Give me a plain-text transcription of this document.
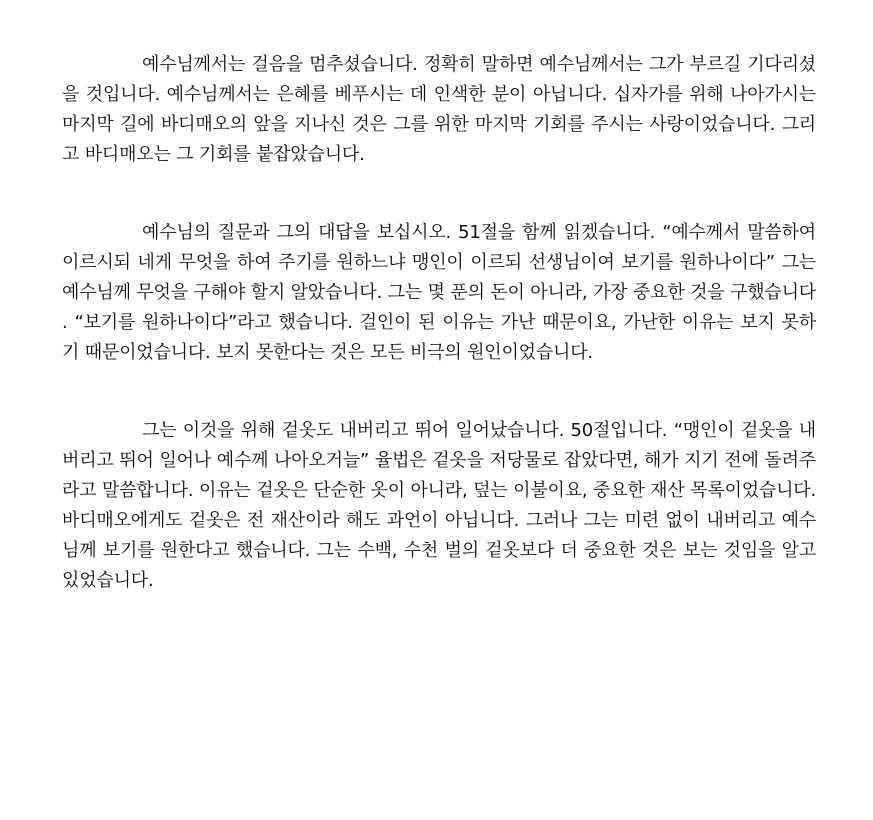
예수님께서는 걸음을 멈추셨습니다. 정확히 말하면 예수님께서는 그가 부르길 기다리셨을 것입니다. 예수님께서는 은혜를 베푸시는 데 인색한 분이 아닙니다. 십자가를 위해 나아가시는 마지막 길에 바디매오의 앞을 지나신 것은 그를 위한 마지막 기회를 주시는 사랑이었습니다. 그리고 바디매오는 그 기회를 붙잡았습니다.

예수님의 질문과 그의 대답을 보십시오. 51절을 함께 읽겠습니다. “예수께서 말씀하여 이르시되 네게 무엇을 하여 주기를 원하느냐 맹인이 이르되 선생님이여 보기를 원하나이다” 그는 예수님께 무엇을 구해야 할지 알았습니다. 그는 몇 푼의 돈이 아니라, 가장 중요한 것을 구했습니다. “보기를 원하나이다”라고 했습니다. 걸인이 된 이유는 가난 때문이요, 가난한 이유는 보지 못하기 때문이었습니다. 보지 못한다는 것은 모든 비극의 원인이었습니다.

그는 이것을 위해 겉옷도 내버리고 뛰어 일어났습니다. 50절입니다. “맹인이 겉옷을 내버리고 뛰어 일어나 예수께 나아오거늘” 율법은 겉옷을 저당물로 잡았다면, 해가 지기 전에 돌려주라고 말씀합니다. 이유는 겉옷은 단순한 옷이 아니라, 덮는 이불이요, 중요한 재산 목록이었습니다. 바디매오에게도 겉옷은 전 재산이라 해도 과언이 아닙니다. 그러나 그는 미련 없이 내버리고 예수님께 보기를 원한다고 했습니다. 그는 수백, 수천 벌의 겉옷보다 더 중요한 것은 보는 것임을 알고 있었습니다.
